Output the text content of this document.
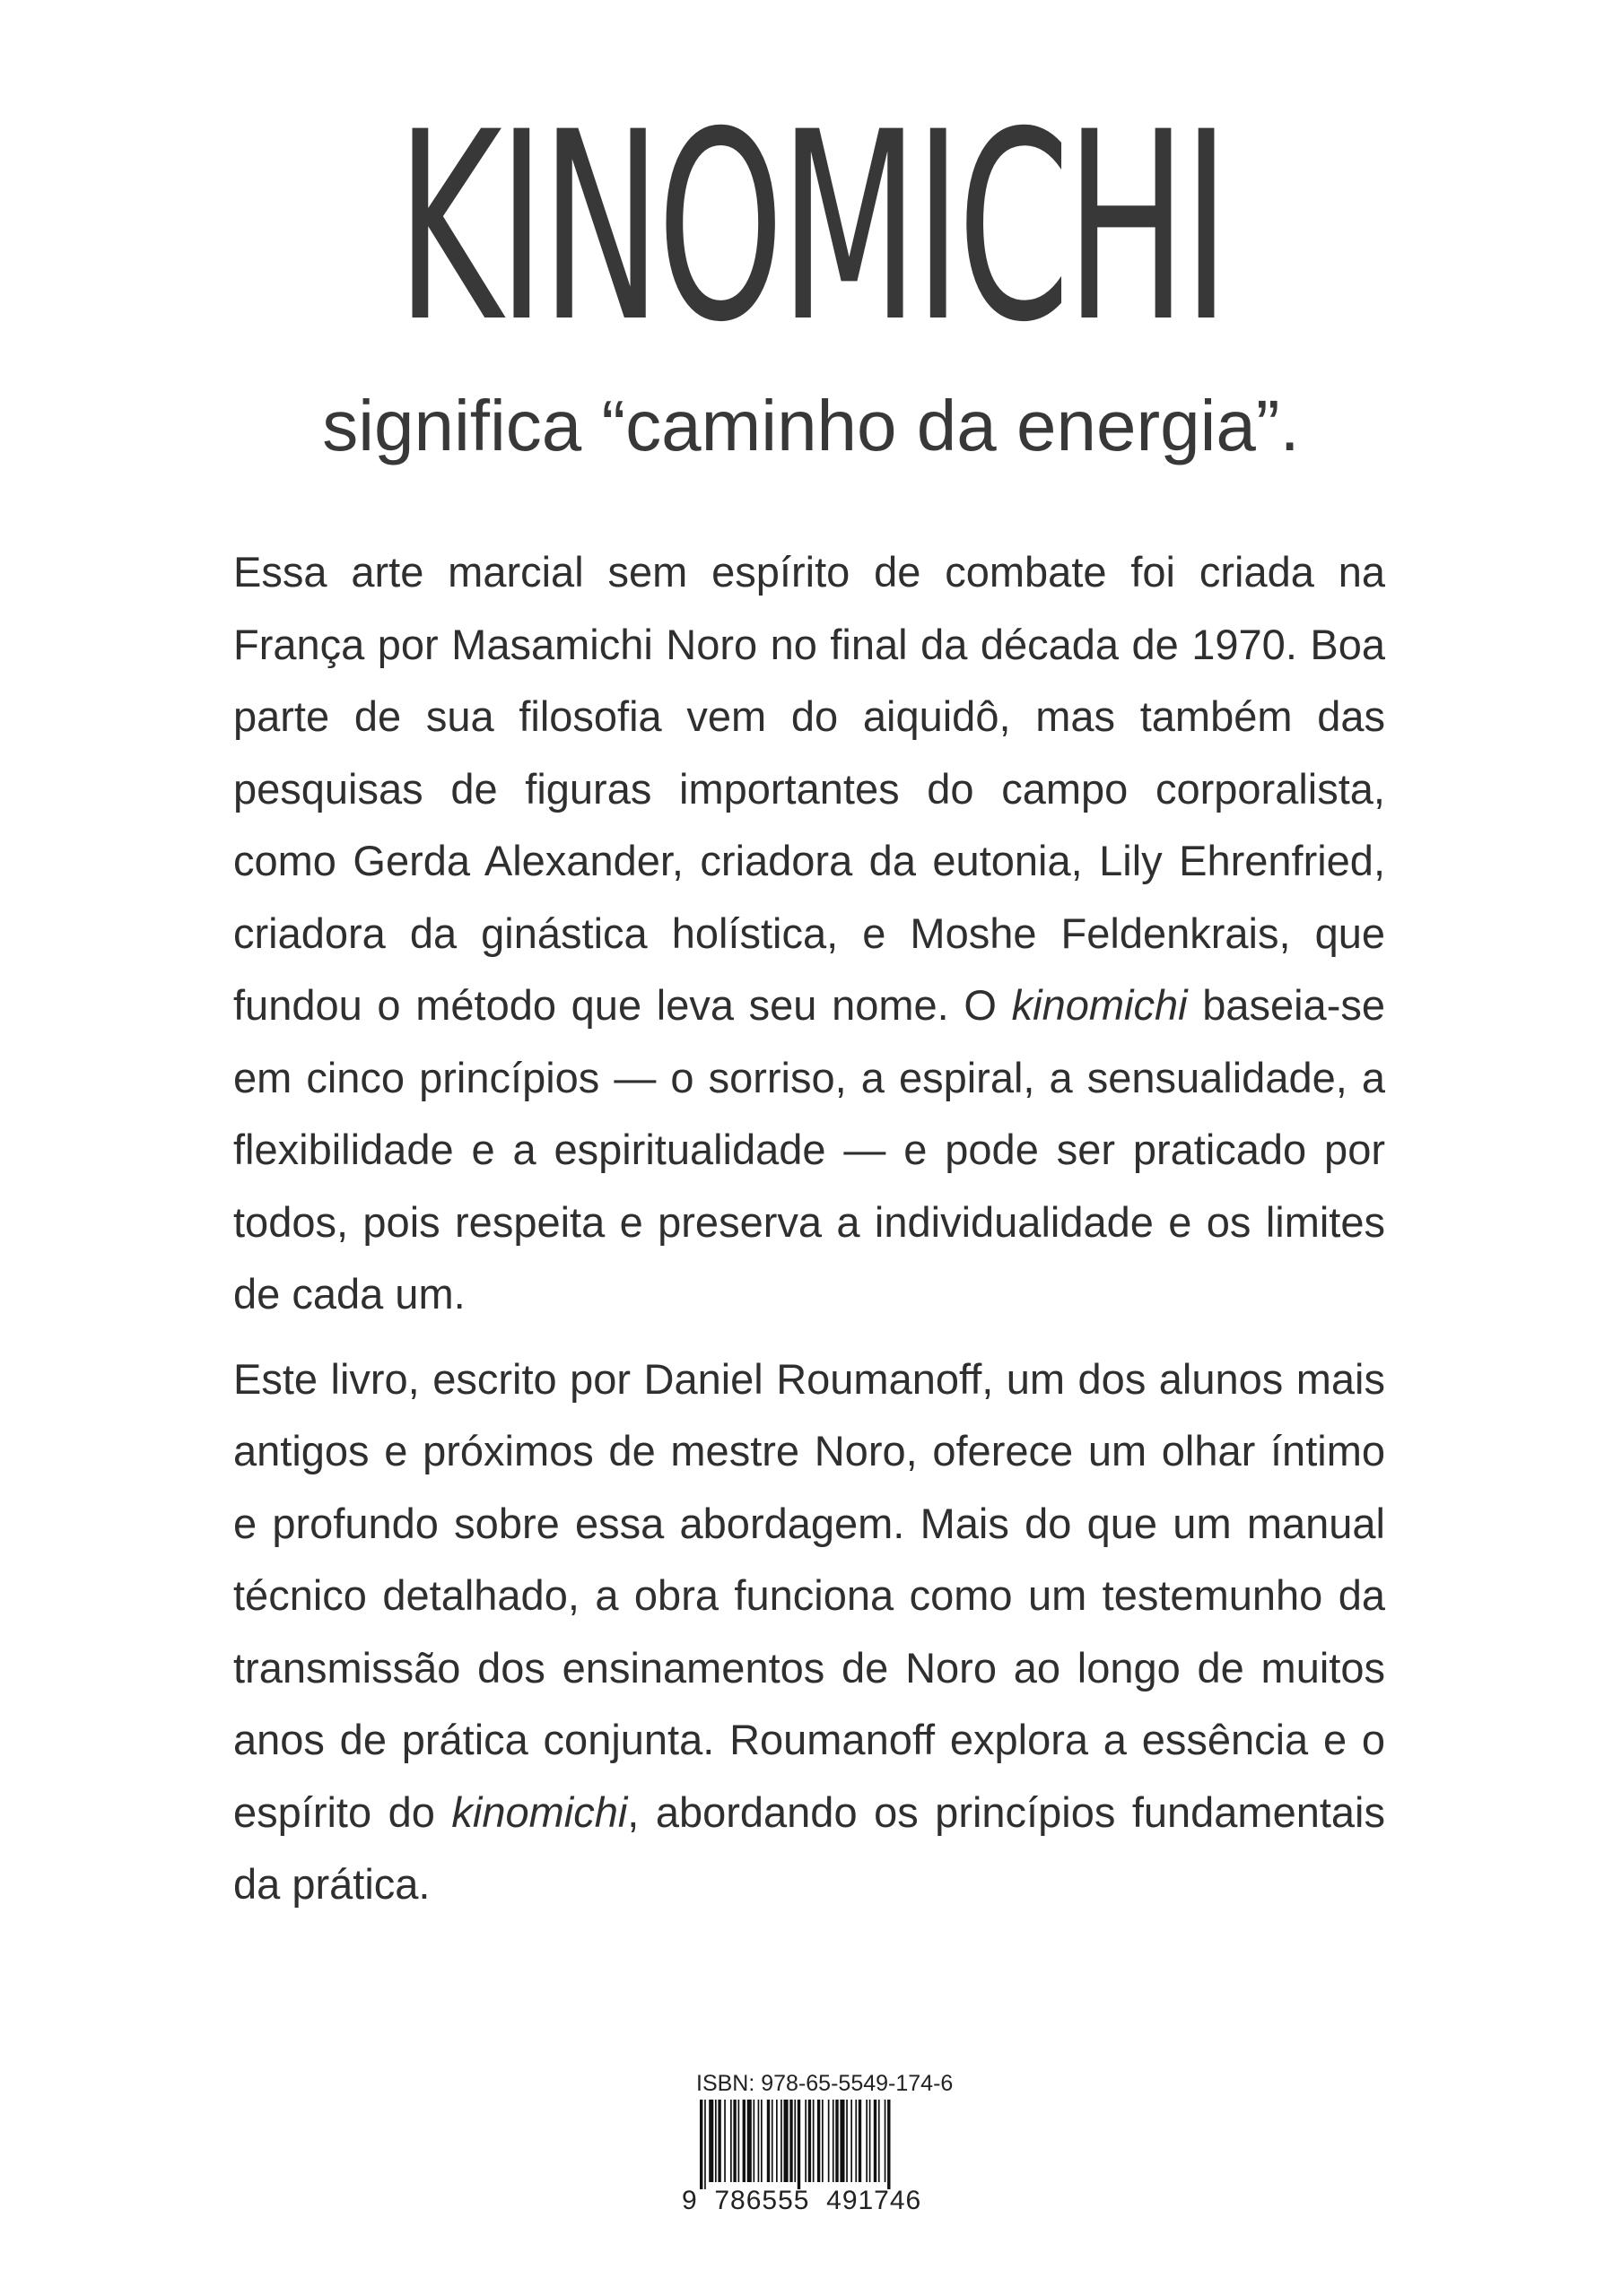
KINOMICHI
significa “caminho da energia”.

Essa arte marcial sem espírito de combate foi criada na França por Masamichi Noro no final da década de 1970. Boa parte de sua filosofia vem do aiquidô, mas também das pesquisas de figuras importantes do campo corporalista, como Gerda Alexander, criadora da eutonia, Lily Ehrenfried, criadora da ginástica holística, e Moshe Feldenkrais, que fundou o método que leva seu nome. O kinomichi baseia-se em cinco princípios — o sorriso, a espiral, a sensualidade, a flexibilidade e a espiritualidade — e pode ser praticado por todos, pois respeita e preserva a individualidade e os limites de cada um.

Este livro, escrito por Daniel Roumanoff, um dos alunos mais antigos e próximos de mestre Noro, oferece um olhar íntimo e profundo sobre essa abordagem. Mais do que um manual técnico detalhado, a obra funciona como um testemunho da transmissão dos ensinamentos de Noro ao longo de muitos anos de prática conjunta. Roumanoff explora a essência e o espírito do kinomichi, abordando os princípios fundamentais da prática.

ISBN: 978-65-5549-174-6
9  786555  491746
